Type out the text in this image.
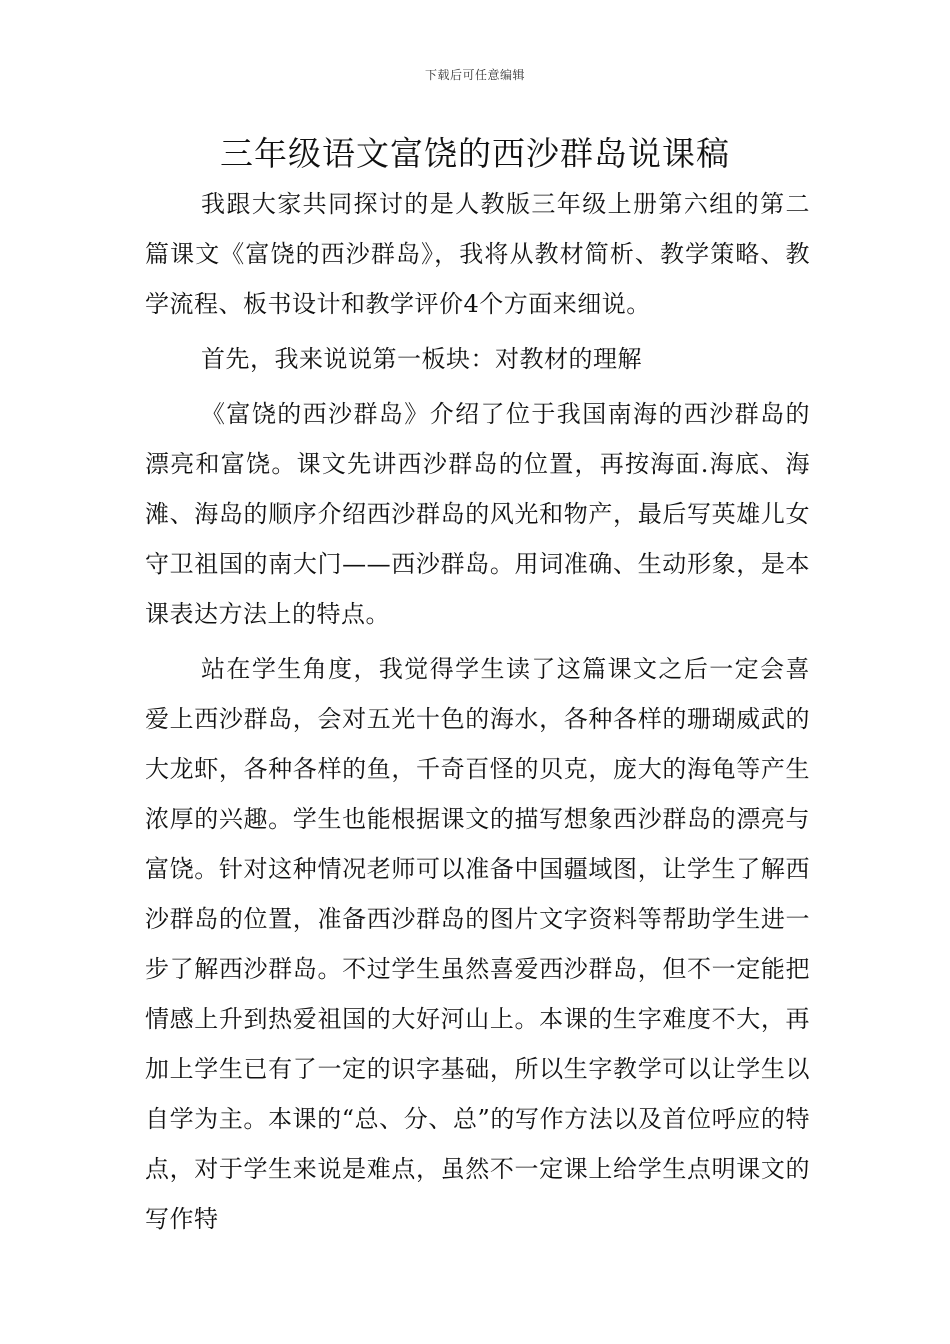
下载后可任意编辑
三年级语文富饶的西沙群岛说课稿

我跟大家共同探讨的是人教版三年级上册第六组的第二篇课文《富饶的西沙群岛》，我将从教材简析、教学策略、教学流程、板书设计和教学评价4个方面来细说。

首先，我来说说第一板块：对教材的理解

《富饶的西沙群岛》介绍了位于我国南海的西沙群岛的漂亮和富饶。课文先讲西沙群岛的位置，再按海面.海底、海滩、海岛的顺序介绍西沙群岛的风光和物产，最后写英雄儿女守卫祖国的南大门——西沙群岛。用词准确、生动形象，是本课表达方法上的特点。

站在学生角度，我觉得学生读了这篇课文之后一定会喜爱上西沙群岛，会对五光十色的海水，各种各样的珊瑚威武的大龙虾，各种各样的鱼，千奇百怪的贝克，庞大的海龟等产生浓厚的兴趣。学生也能根据课文的描写想象西沙群岛的漂亮与富饶。针对这种情况老师可以准备中国疆域图，让学生了解西沙群岛的位置，准备西沙群岛的图片文字资料等帮助学生进一步了解西沙群岛。不过学生虽然喜爱西沙群岛，但不一定能把情感上升到热爱祖国的大好河山上。本课的生字难度不大，再加上学生已有了一定的识字基础，所以生字教学可以让学生以自学为主。本课的“总、分、总”的写作方法以及首位呼应的特点，对于学生来说是难点，虽然不一定课上给学生点明课文的写作特
